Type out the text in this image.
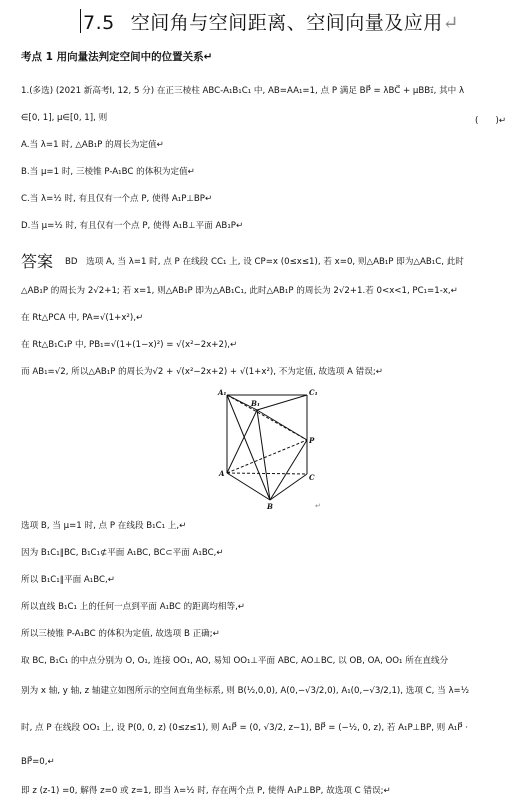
7.5 空间角与空间距离、空间向量及应用↵
考点 1 用向量法判定空间中的位置关系↵
1.(多选) (2021 新高考Ⅰ, 12, 5 分) 在正三棱柱 ABC-A₁B₁C₁ 中, AB=AA₁=1, 点 P 满足 BP⃗ = λBC⃗ + μBB₁⃗, 其中 λ
∈[0, 1], μ∈[0, 1], 则	(　　)↵
A.当 λ=1 时, △AB₁P 的周长为定值↵
B.当 μ=1 时, 三棱锥 P-A₁BC 的体积为定值↵
C.当 λ=½ 时, 有且仅有一个点 P, 使得 A₁P⊥BP↵
D.当 μ=½ 时, 有且仅有一个点 P, 使得 A₁B⊥平面 AB₁P↵
答案 BD　选项 A, 当 λ=1 时, 点 P 在线段 CC₁ 上, 设 CP=x (0≤x≤1), 若 x=0, 则△AB₁P 即为△AB₁C, 此时
△AB₁P 的周长为 2√2+1; 若 x=1, 则△AB₁P 即为△AB₁C₁, 此时△AB₁P 的周长为 2√2+1.若 0<x<1, PC₁=1-x,↵
在 Rt△PCA 中, PA=√(1+x²),↵
在 Rt△B₁C₁P 中, PB₁=√(1+(1−x)²) = √(x²−2x+2),↵
而 AB₁=√2, 所以△AB₁P 的周长为√2 + √(x²−2x+2) + √(1+x²), 不为定值, 故选项 A 错误;↵
A₁
B₁
C₁
A
B
C
P
↵
选项 B, 当 μ=1 时, 点 P 在线段 B₁C₁ 上,↵
因为 B₁C₁∥BC, B₁C₁⊄平面 A₁BC, BC⊂平面 A₁BC,↵
所以 B₁C₁∥平面 A₁BC,↵
所以直线 B₁C₁ 上的任何一点到平面 A₁BC 的距离均相等,↵
所以三棱锥 P-A₁BC 的体积为定值, 故选项 B 正确;↵
取 BC, B₁C₁ 的中点分别为 O, O₁, 连接 OO₁, AO, 易知 OO₁⊥平面 ABC, AO⊥BC, 以 OB, OA, OO₁ 所在直线分
别为 x 轴, y 轴, z 轴建立如图所示的空间直角坐标系, 则 B(½,0,0), A(0,−√3/2,0), A₁(0,−√3/2,1), 选项 C, 当 λ=½
时, 点 P 在线段 OO₁ 上, 设 P(0, 0, z) (0≤z≤1), 则 A₁P⃗ = (0, √3/2, z−1), BP⃗ = (−½, 0, z), 若 A₁P⊥BP, 则 A₁P⃗ ·
BP⃗=0,↵
即 z (z-1) =0, 解得 z=0 或 z=1, 即当 λ=½ 时, 存在两个点 P, 使得 A₁P⊥BP, 故选项 C 错误;↵
